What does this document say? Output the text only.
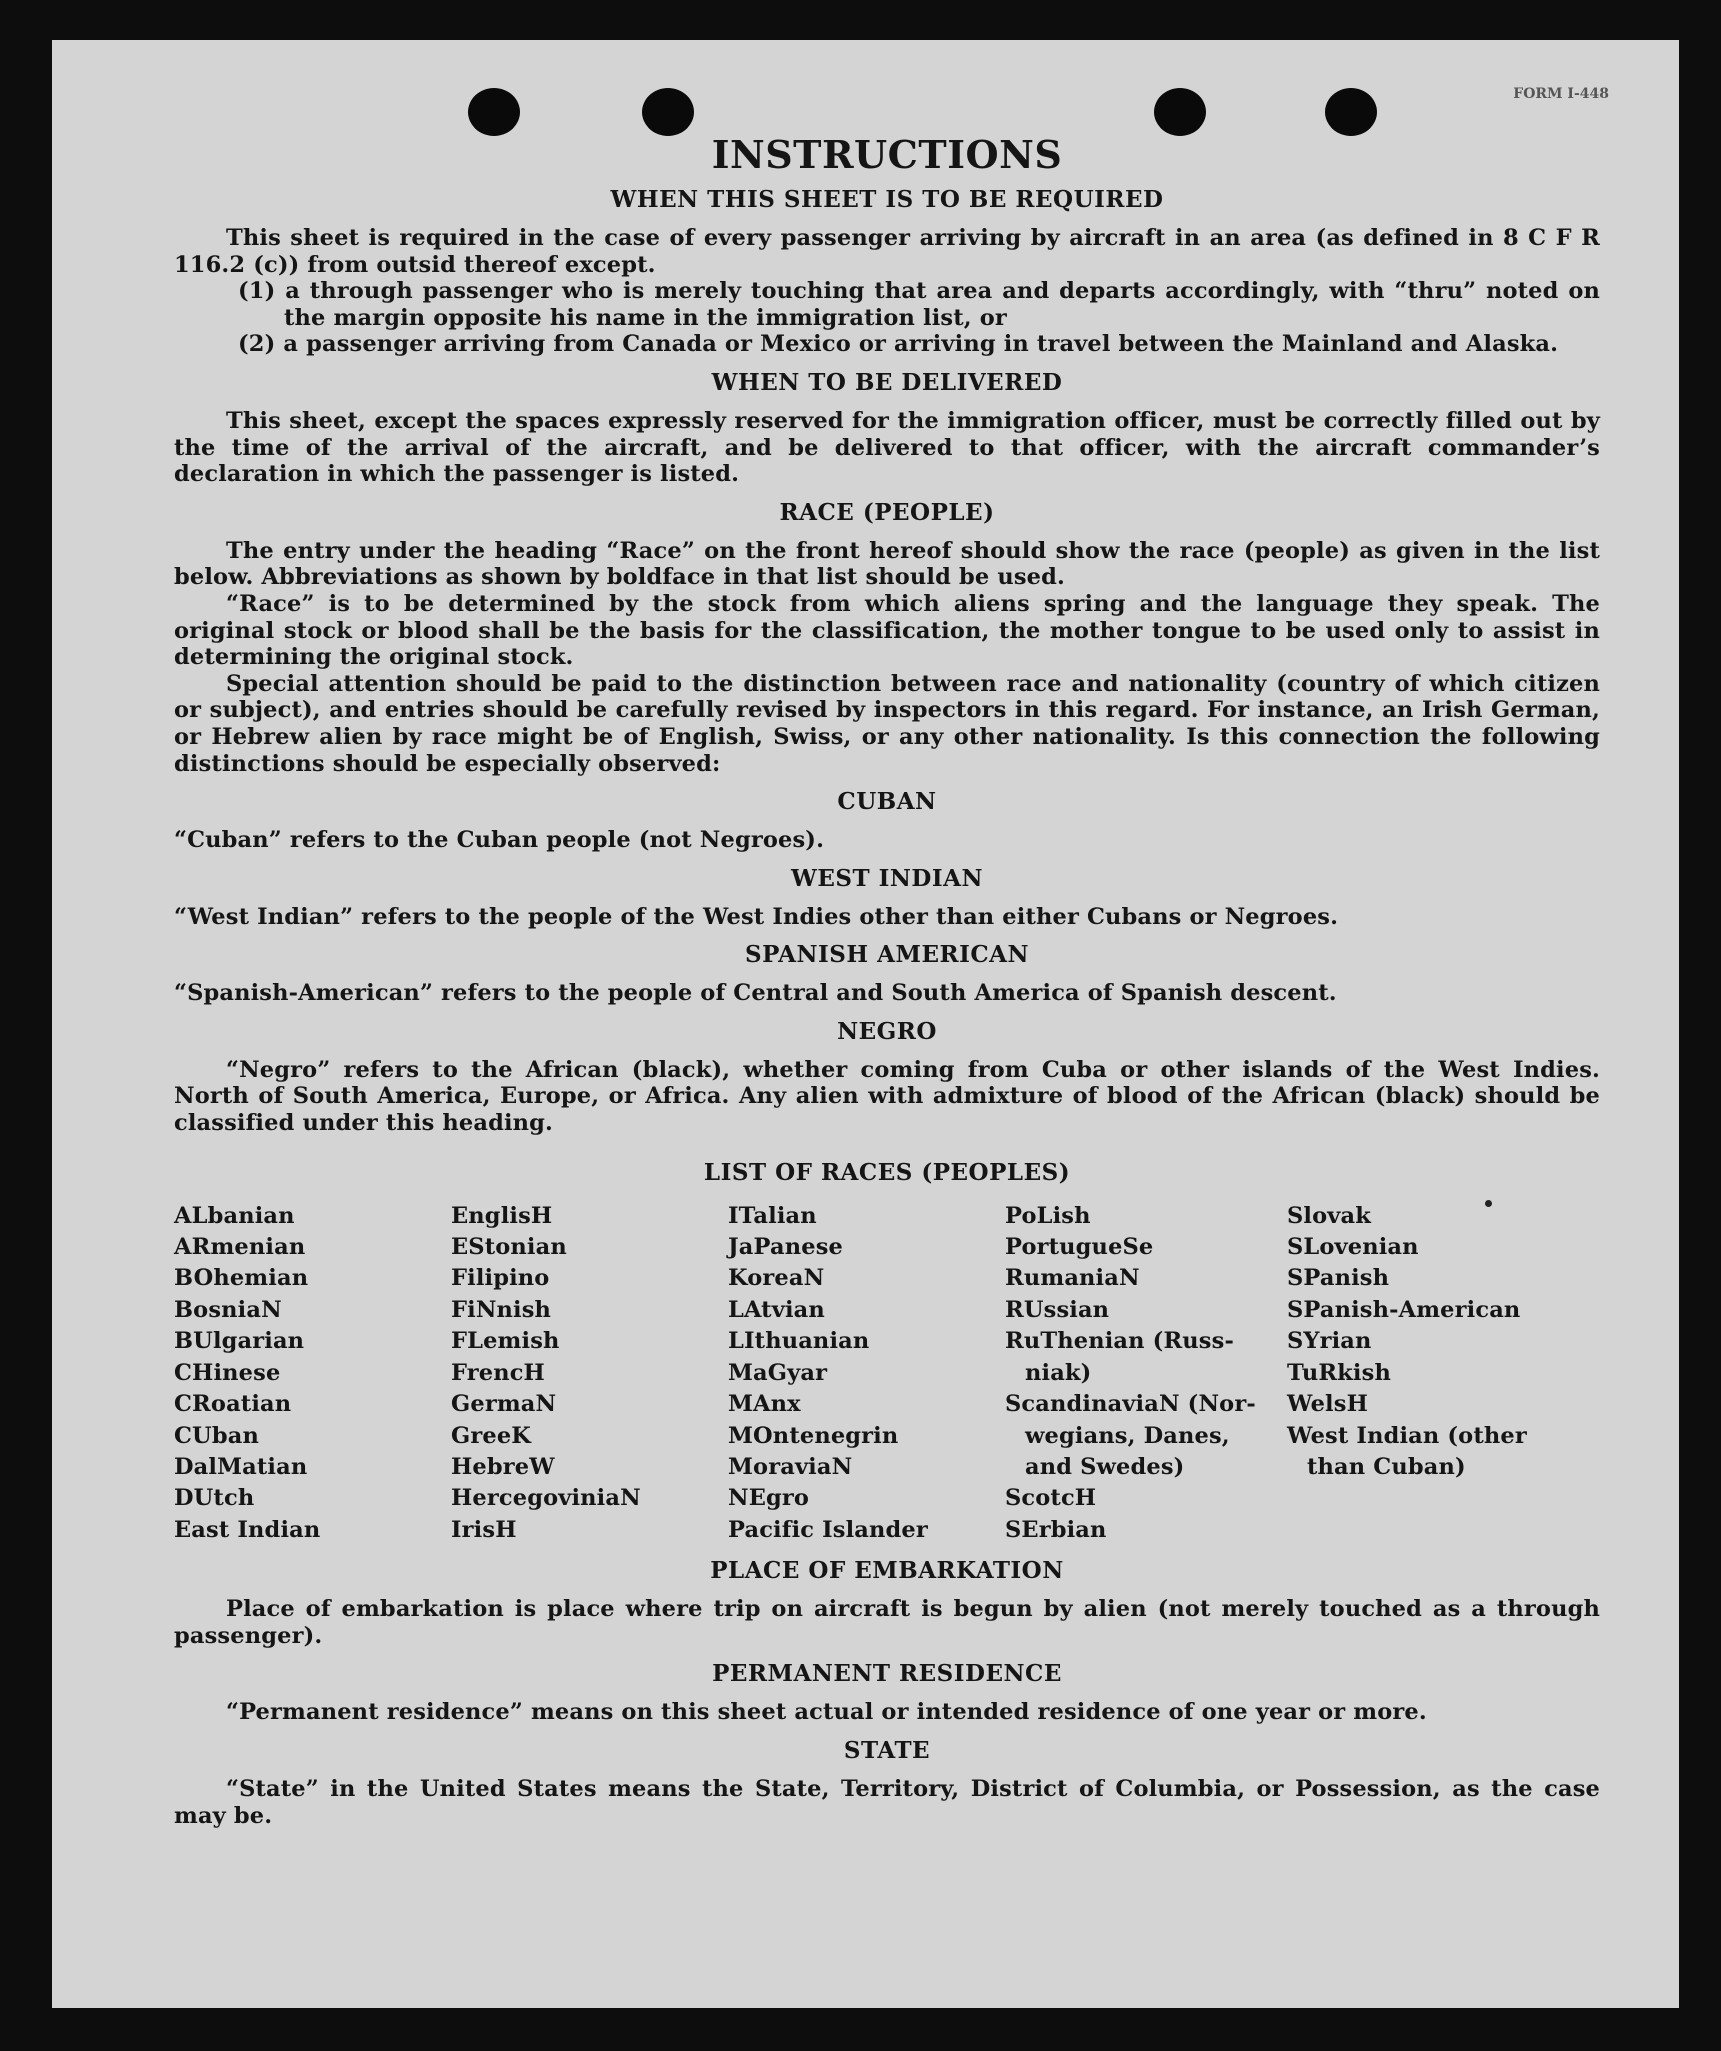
FORM I-448
INSTRUCTIONS
WHEN THIS SHEET IS TO BE REQUIRED

This sheet is required in the case of every passenger arriving by aircraft in an area (as defined in 8 C F R 116.2 (c)) from outsid thereof except.

(1) a through passenger who is merely touching that area and departs accordingly, with “thru” noted on the margin opposite his name in the immigration list, or

(2) a passenger arriving from Canada or Mexico or arriving in travel between the Mainland and Alaska.

WHEN TO BE DELIVERED

This sheet, except the spaces expressly reserved for the immigration officer, must be correctly filled out by the time of the arrival of the aircraft, and be delivered to that officer, with the aircraft commander’s declaration in which the passenger is listed.

RACE (PEOPLE)

The entry under the heading “Race” on the front hereof should show the race (people) as given in the list below. Abbreviations as shown by boldface in that list should be used.

“Race” is to be determined by the stock from which aliens spring and the language they speak. The original stock or blood shall be the basis for the classification, the mother tongue to be used only to assist in determining the original stock.

Special attention should be paid to the distinction between race and nationality (country of which citizen or subject), and entries should be carefully revised by inspectors in this regard. For instance, an Irish German, or Hebrew alien by race might be of English, Swiss, or any other nationality. Is this connection the following distinctions should be especially observed:

CUBAN

“Cuban” refers to the Cuban people (not Negroes).

WEST INDIAN

“West Indian” refers to the people of the West Indies other than either Cubans or Negroes.

SPANISH AMERICAN

“Spanish-American” refers to the people of Central and South America of Spanish descent.

NEGRO

“Negro” refers to the African (black), whether coming from Cuba or other islands of the West Indies. North of South America, Europe, or Africa. Any alien with admixture of blood of the African (black) should be classified under this heading.

LIST OF RACES (PEOPLES)
ALbanian
ARmenian
BOhemian
BosniaN
BUlgarian
CHinese
CRoatian
CUban
DalMatian
DUtch
East Indian
EnglisH
EStonian
Filipino
FiNnish
FLemish
FrencH
GermaN
GreeK
HebreW
HercegoviniaN
IrisH
ITalian
JaPanese
KoreaN
LAtvian
LIthuanian
MaGyar
MAnx
MOntenegrin
MoraviaN
NEgro
Pacific Islander
PoLish
PortugueSe
RumaniaN
RUssian
RuThenian (Russ-
niak)
ScandinaviaN (Nor-
wegians, Danes,
and Swedes)
ScotcH
SErbian
Slovak
SLovenian
SPanish
SPanish-American
SYrian
TuRkish
WelsH
West Indian (other
than Cuban)
PLACE OF EMBARKATION

Place of embarkation is place where trip on aircraft is begun by alien (not merely touched as a through passenger).

PERMANENT RESIDENCE

“Permanent residence” means on this sheet actual or intended residence of one year or more.

STATE

“State” in the United States means the State, Territory, District of Columbia, or Possession, as the case may be.
